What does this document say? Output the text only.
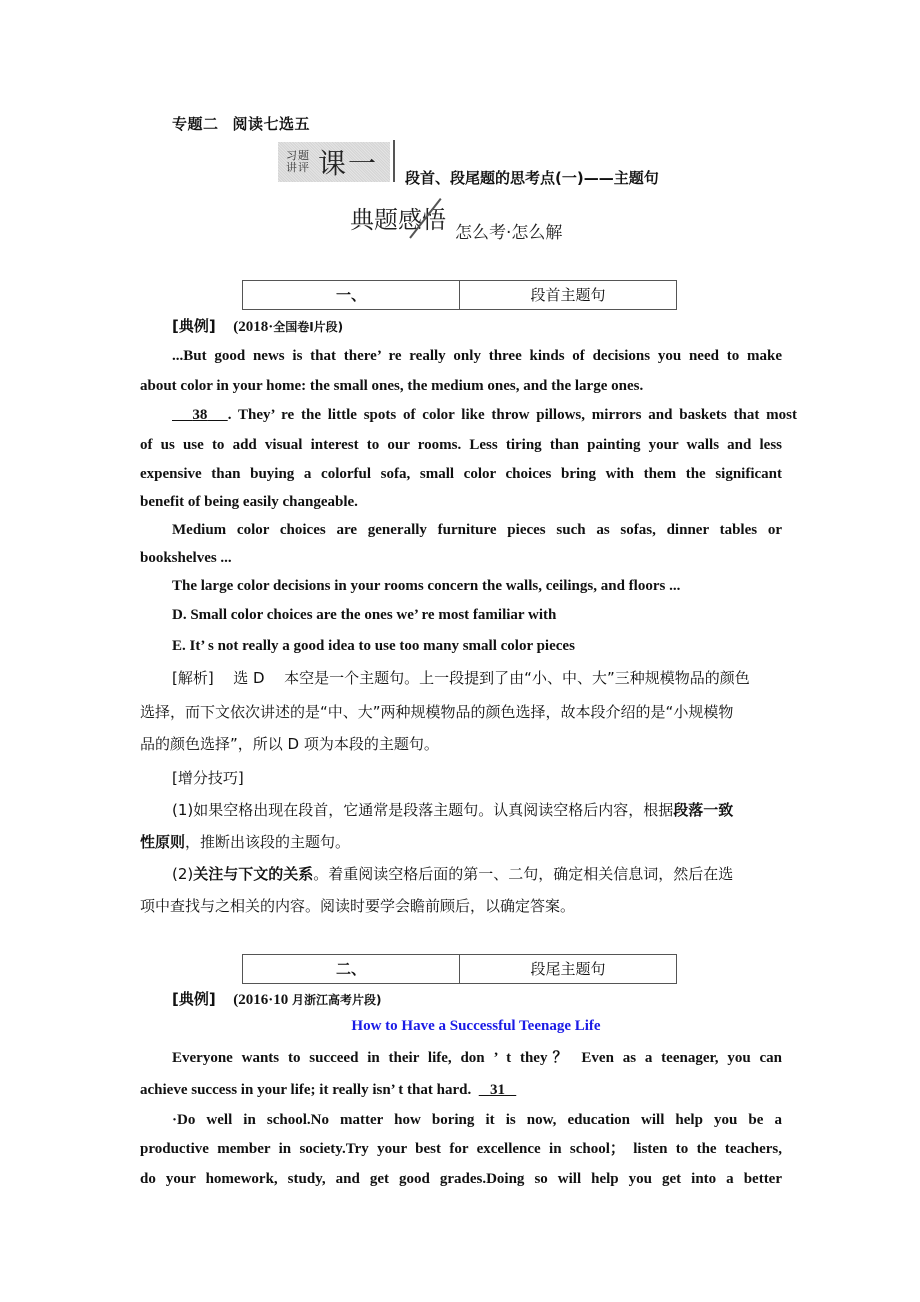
专题二 阅读七选五
习题
讲评 课一 段首、段尾题的思考点(一)——主题句
典题感悟 怎么考·怎么解
一、	段首主题句
[典例] (2018·全国卷I片段)
...But good news is that there’ re really only three kinds of decisions you need to make
about color in your home: the small ones, the medium ones, and the large ones.
38 . They’ re the little spots of color like throw pillows, mirrors and baskets that most
of us use to add visual interest to our rooms. Less tiring than painting your walls and less
expensive than buying a colorful sofa, small color choices bring with them the significant
benefit of being easily changeable.
Medium color choices are generally furniture pieces such as sofas, dinner tables or
bookshelves ...
The large color decisions in your rooms concern the walls, ceilings, and floors ...
D. Small color choices are the ones we’ re most familiar with
E. It’ s not really a good idea to use too many small color pieces
[解析] 选 D 本空是一个主题句。上一段提到了由“小、中、大”三种规模物品的颜色
选择，而下文依次讲述的是“中、大”两种规模物品的颜色选择，故本段介绍的是“小规模物
品的颜色选择”，所以 D 项为本段的主题句。
[增分技巧]
(1)如果空格出现在段首，它通常是段落主题句。认真阅读空格后内容，根据段落一致
性原则，推断出该段的主题句。
(2)关注与下文的关系。着重阅读空格后面的第一、二句，确定相关信息词，然后在选
项中查找与之相关的内容。阅读时要学会瞻前顾后，以确定答案。
二、	段尾主题句
[典例] (2016·10 月浙江高考片段)
How to Have a Successful Teenage Life
Everyone wants to succeed in their life, don ’ t they？ Even as a teenager, you can
achieve success in your life; it really isn’ t that hard. 31
·Do well in school.No matter how boring it is now, education will help you be a
productive member in society.Try your best for excellence in school； listen to the teachers,
do your homework, study, and get good grades.Doing so will help you get into a better
